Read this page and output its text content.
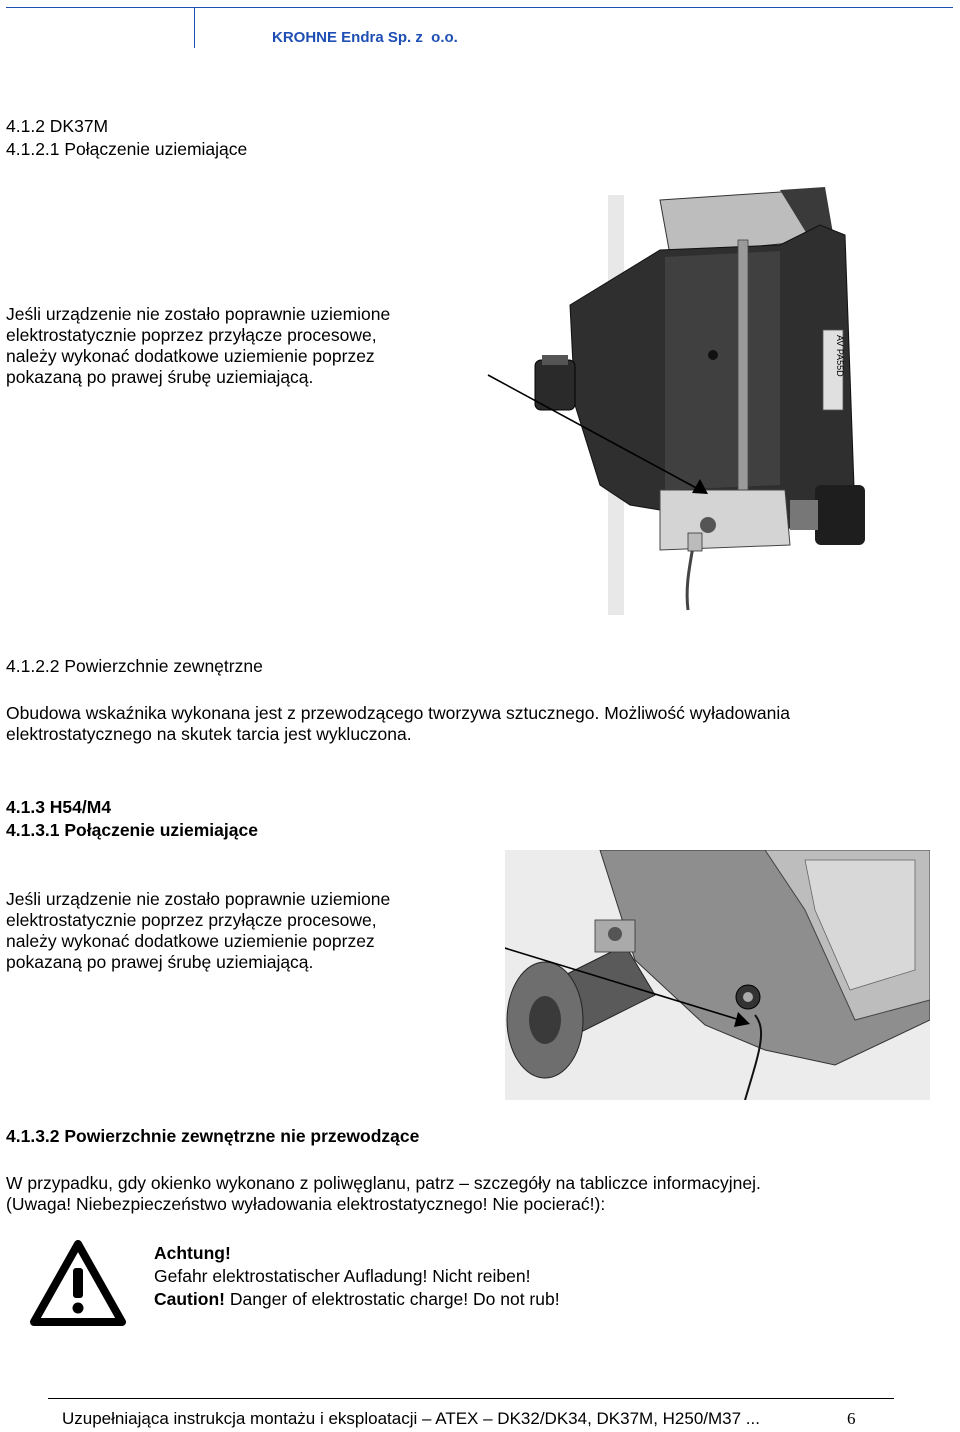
KROHNE Endra Sp. z  o.o.
4.1.2 DK37M
4.1.2.1 Połączenie uziemiające
Jeśli urządzenie nie zostało poprawnie uziemione
elektrostatycznie poprzez przyłącze procesowe,
należy wykonać dodatkowe uziemienie poprzez
pokazaną po prawej śrubę uziemiającą.
AV PA55D
4.1.2.2 Powierzchnie zewnętrzne
Obudowa wskaźnika wykonana jest z przewodzącego tworzywa sztucznego. Możliwość wyładowania
elektrostatycznego na skutek tarcia jest wykluczona.
4.1.3 H54/M4
4.1.3.1 Połączenie uziemiające
Jeśli urządzenie nie zostało poprawnie uziemione
elektrostatycznie poprzez przyłącze procesowe,
należy wykonać dodatkowe uziemienie poprzez
pokazaną po prawej śrubę uziemiającą.
4.1.3.2 Powierzchnie zewnętrzne nie przewodzące
W przypadku, gdy okienko wykonano z poliwęglanu, patrz – szczegóły na tabliczce informacyjnej.
(Uwaga! Niebezpieczeństwo wyładowania elektrostatycznego! Nie pocierać!):
Achtung!
Gefahr elektrostatischer Aufladung! Nicht reiben!
Caution! Danger of elektrostatic charge! Do not rub!
Uzupełniająca instrukcja montażu i eksploatacji – ATEX – DK32/DK34, DK37M, H250/M37 ...	6
